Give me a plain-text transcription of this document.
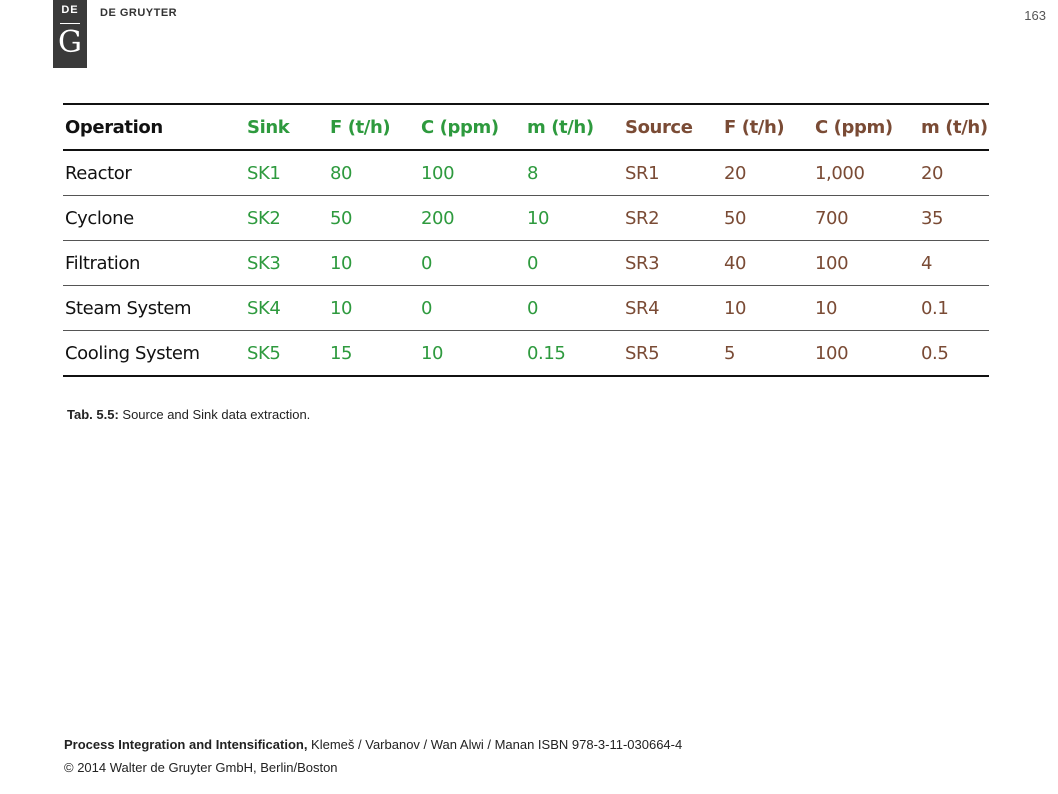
DE
G
DE GRUYTER	163
Operation	Sink	F (t/h)	C (ppm)	m (t/h)	Source	F (t/h)	C (ppm)	m (t/h)
Reactor	SK1	80	100	8	SR1	20	1,000	20
Cyclone	SK2	50	200	10	SR2	50	700	35
Filtration	SK3	10	0	0	SR3	40	100	4
Steam System	SK4	10	0	0	SR4	10	10	0.1
Cooling System	SK5	15	10	0.15	SR5	5	100	0.5
Tab. 5.5: Source and Sink data extraction.
Process Integration and Intensification, Klemeš / Varbanov / Wan Alwi / Manan ISBN 978-3-11-030664-4
© 2014 Walter de Gruyter GmbH, Berlin/Boston
